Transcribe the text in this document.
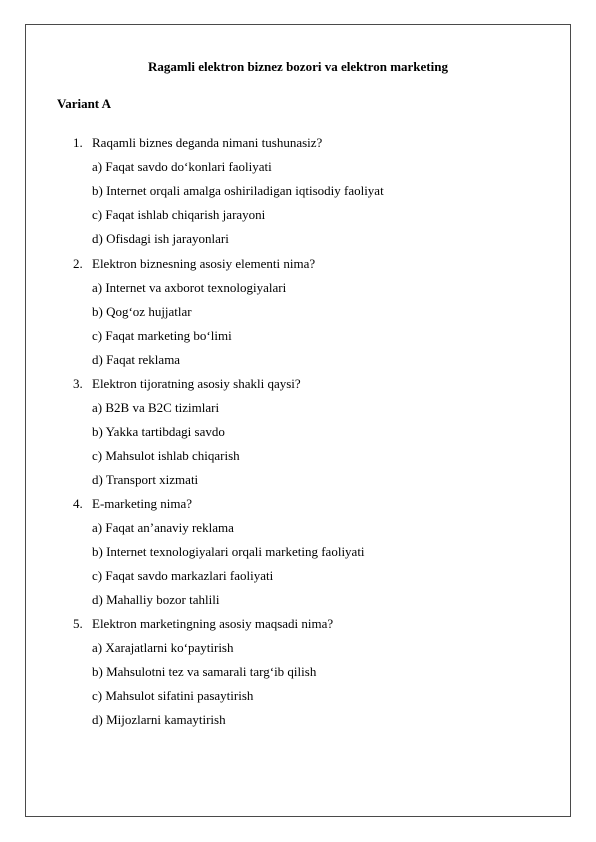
Ragamli elektron biznez bozori va elektron marketing
Variant A
1. Raqamli biznes deganda nimani tushunasiz?
a) Faqat savdo do‘konlari faoliyati
b) Internet orqali amalga oshiriladigan iqtisodiy faoliyat
c) Faqat ishlab chiqarish jarayoni
d) Ofisdagi ish jarayonlari
2. Elektron biznesning asosiy elementi nima?
a) Internet va axborot texnologiyalari
b) Qog‘oz hujjatlar
c) Faqat marketing bo‘limi
d) Faqat reklama
3. Elektron tijoratning asosiy shakli qaysi?
a) B2B va B2C tizimlari
b) Yakka tartibdagi savdo
c) Mahsulot ishlab chiqarish
d) Transport xizmati
4. E-marketing nima?
a) Faqat an’anaviy reklama
b) Internet texnologiyalari orqali marketing faoliyati
c) Faqat savdo markazlari faoliyati
d) Mahalliy bozor tahlili
5. Elektron marketingning asosiy maqsadi nima?
a) Xarajatlarni ko‘paytirish
b) Mahsulotni tez va samarali targ‘ib qilish
c) Mahsulot sifatini pasaytirish
d) Mijozlarni kamaytirish
